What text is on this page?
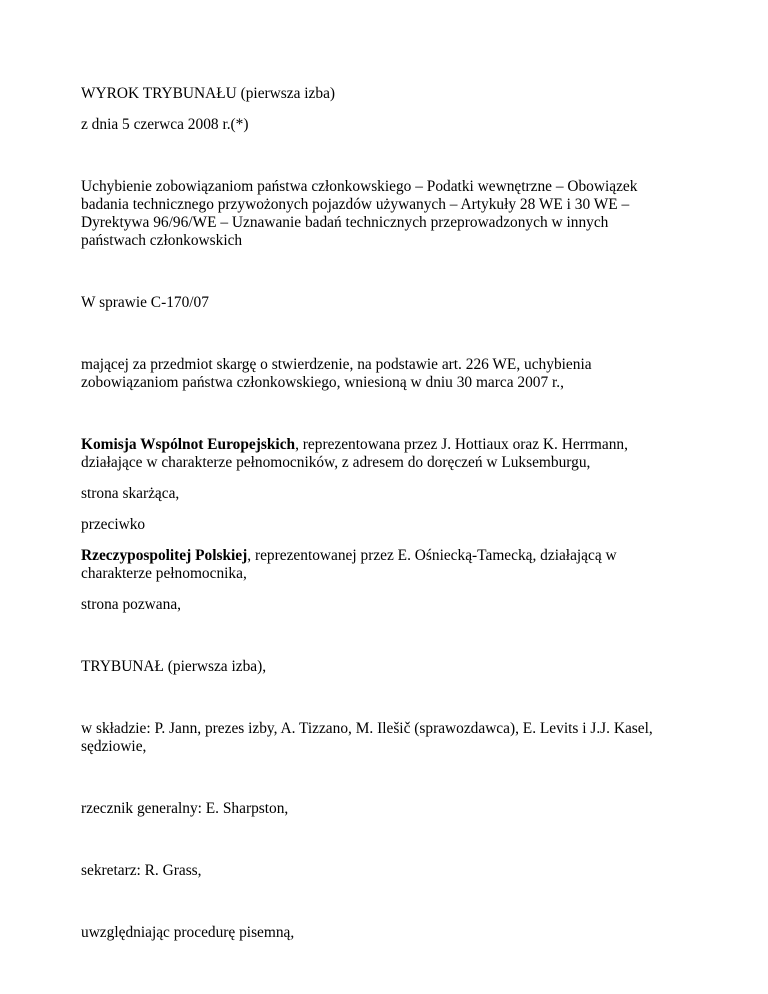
WYROK TRYBUNAŁU (pierwsza izba)
z dnia 5 czerwca 2008 r.(*)
Uchybienie zobowiązaniom państwa członkowskiego – Podatki wewnętrzne – Obowiązek
badania technicznego przywożonych pojazdów używanych – Artykuły 28 WE i 30 WE –
Dyrektywa 96/96/WE – Uznawanie badań technicznych przeprowadzonych w innych
państwach członkowskich
W sprawie C‑170/07
mającej za przedmiot skargę o stwierdzenie, na podstawie art. 226 WE, uchybienia
zobowiązaniom państwa członkowskiego, wniesioną w dniu 30 marca 2007 r.,
Komisja Wspólnot Europejskich, reprezentowana przez J. Hottiaux oraz K. Herrmann,
działające w charakterze pełnomocników, z adresem do doręczeń w Luksemburgu,
strona skarżąca,
przeciwko
Rzeczypospolitej Polskiej, reprezentowanej przez E. Ośniecką‑Tamecką, działającą w
charakterze pełnomocnika,
strona pozwana,
TRYBUNAŁ (pierwsza izba),
w składzie: P. Jann, prezes izby, A. Tizzano, M. Ilešič (sprawozdawca), E. Levits i J.J. Kasel,
sędziowie,
rzecznik generalny: E. Sharpston,
sekretarz: R. Grass,
uwzględniając procedurę pisemną,
